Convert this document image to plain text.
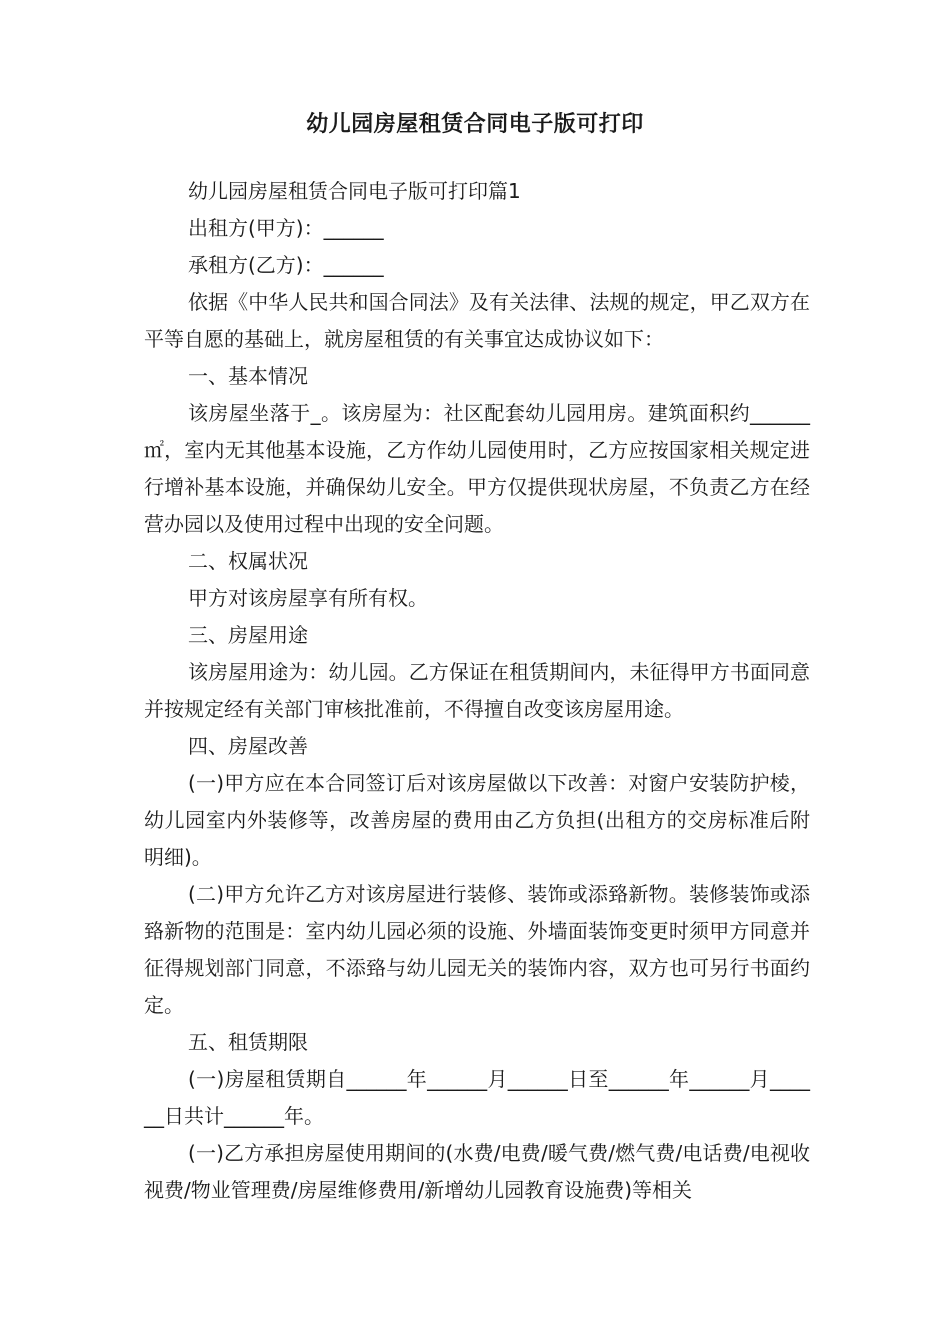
幼儿园房屋租赁合同电子版可打印

幼儿园房屋租赁合同电子版可打印篇1

出租方(甲方)：______

承租方(乙方)：______

依据《中华人民共和国合同法》及有关法律、法规的规定，甲乙双方在平等自愿的基础上，就房屋租赁的有关事宜达成协议如下：

一、基本情况

该房屋坐落于_。该房屋为：社区配套幼儿园用房。建筑面积约______ ㎡，室内无其他基本设施，乙方作幼儿园使用时，乙方应按国家相关规定进行增补基本设施，并确保幼儿安全。甲方仅提供现状房屋，不负责乙方在经营办园以及使用过程中出现的安全问题。

二、权属状况

甲方对该房屋享有所有权。

三、房屋用途

该房屋用途为：幼儿园。乙方保证在租赁期间内，未征得甲方书面同意并按规定经有关部门审核批准前，不得擅自改变该房屋用途。

四、房屋改善

(一)甲方应在本合同签订后对该房屋做以下改善：对窗户安装防护棱，幼儿园室内外装修等，改善房屋的费用由乙方负担(出租方的交房标准后附明细)。

(二)甲方允许乙方对该房屋进行装修、装饰或添臵新物。装修装饰或添臵新物的范围是：室内幼儿园必须的设施、外墙面装饰变更时须甲方同意并征得规划部门同意，不添臵与幼儿园无关的装饰内容，双方也可另行书面约定。

五、租赁期限

(一)房屋租赁期自______年______月______日至______年______月______日共计______年。

(一)乙方承担房屋使用期间的(水费/电费/暖气费/燃气费/电话费/电视收视费/物业管理费/房屋维修费用/新增幼儿园教育设施费)等相关
